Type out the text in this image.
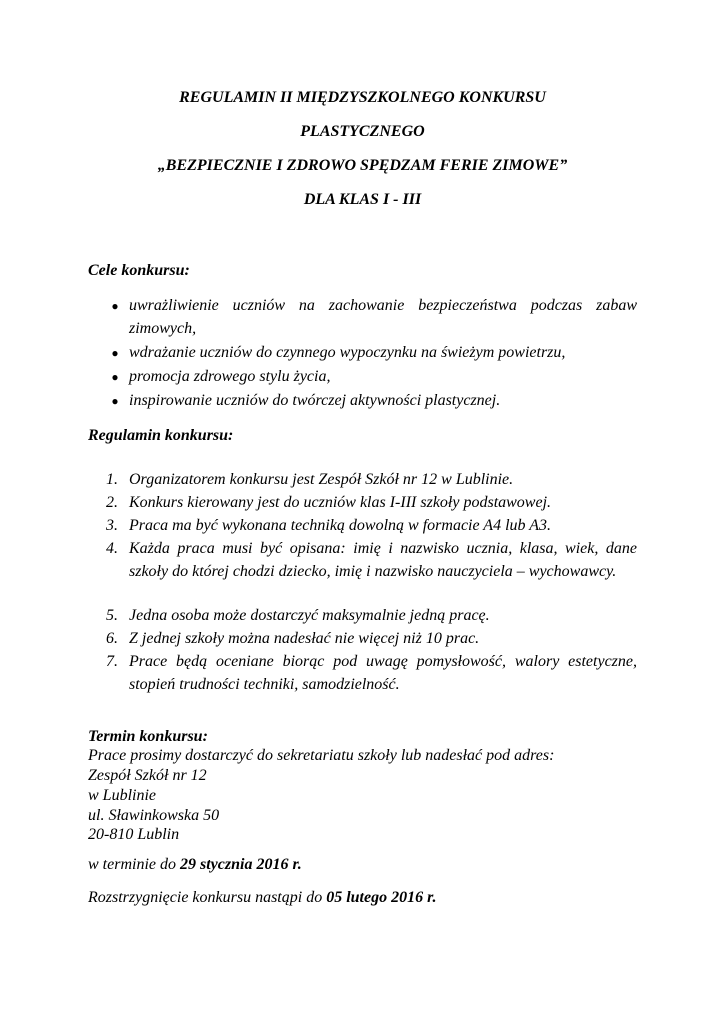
REGULAMIN II MIĘDZYSZKOLNEGO KONKURSU
PLASTYCZNEGO
„BEZPIECZNIE I ZDROWO SPĘDZAM FERIE ZIMOWE”
DLA KLAS I - III
Cele konkursu:
● uwrażliwienie uczniów na zachowanie bezpieczeństwa podczas zabaw zimowych,
● wdrażanie uczniów do czynnego wypoczynku na świeżym powietrzu,
● promocja zdrowego stylu życia,
● inspirowanie uczniów do twórczej aktywności plastycznej.
Regulamin konkursu:
1. Organizatorem konkursu jest Zespół Szkół nr 12 w Lublinie.
2. Konkurs kierowany jest do uczniów klas I-III szkoły podstawowej.
3. Praca ma być wykonana techniką dowolną w formacie A4 lub A3.
4. Każda praca musi być opisana: imię i nazwisko ucznia, klasa, wiek, dane szkoły do której chodzi dziecko, imię i nazwisko nauczyciela – wychowawcy.
5. Jedna osoba może dostarczyć maksymalnie jedną pracę.
6. Z jednej szkoły można nadesłać nie więcej niż 10 prac.
7. Prace będą oceniane biorąc pod uwagę pomysłowość, walory estetyczne, stopień trudności techniki, samodzielność.
Termin konkursu:
Prace prosimy dostarczyć do sekretariatu szkoły lub nadesłać pod adres:
Zespół Szkół nr 12
w Lublinie
ul. Sławinkowska 50
20-810 Lublin
w terminie do 29 stycznia 2016 r.
Rozstrzygnięcie konkursu nastąpi do 05 lutego 2016 r.
